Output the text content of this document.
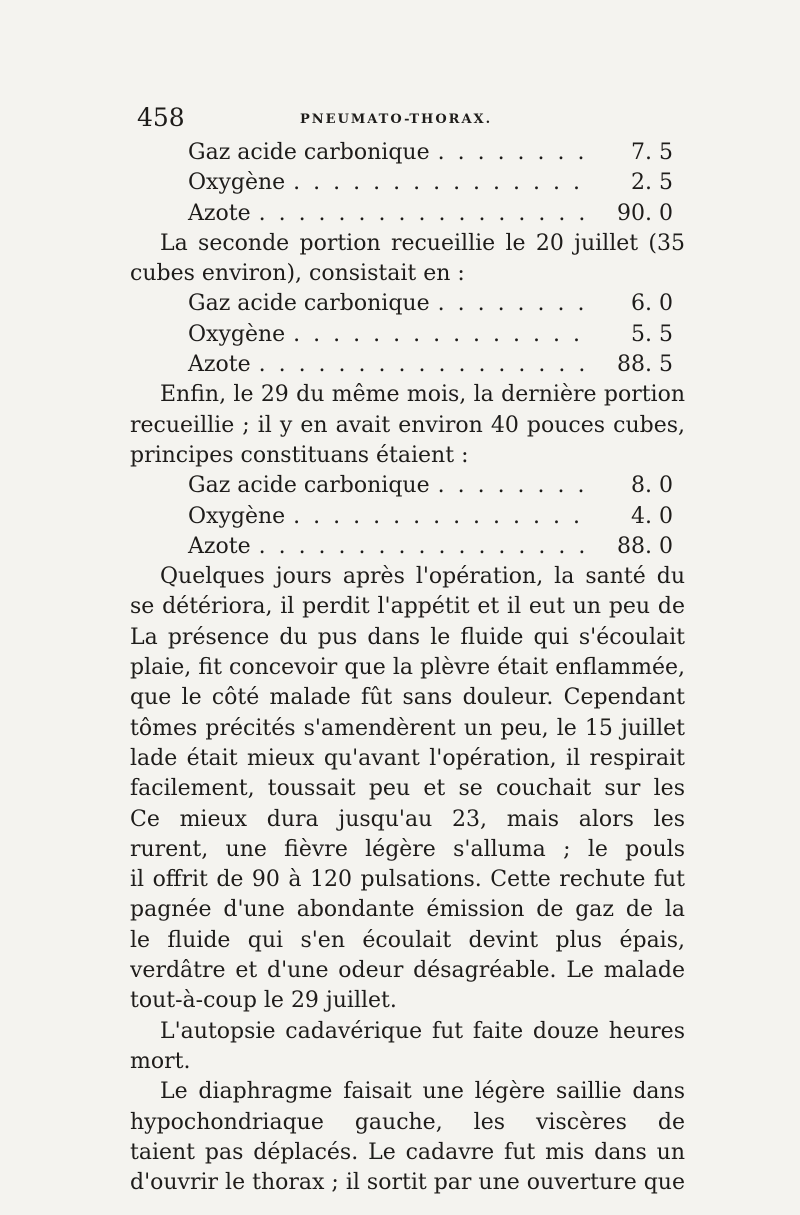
458	PNEUMATO-THORAX.
Gaz acide carbonique . . .	7. 5
Oxygène . . .	2. 5
Azote . . .	90. 0
La seconde portion recueillie le 20 juillet (35
cubes environ), consistait en :
Gaz acide carbonique . . .	6. 0
Oxygène . . .	5. 5
Azote . . .	88. 5
Enfin, le 29 du même mois, la dernière portion
recueillie ; il y en avait environ 40 pouces cubes,
principes constituans étaient :
Gaz acide carbonique . . .	8. 0
Oxygène . . .	4. 0
Azote . . .	88. 0
Quelques jours après l'opération, la santé du
se détériora, il perdit l'appétit et il eut un peu de
La présence du pus dans le fluide qui s'écoulait
plaie, fit concevoir que la plèvre était enflammée,
que le côté malade fût sans douleur. Cependant
tômes précités s'amendèrent un peu, le 15 juillet
lade était mieux qu'avant l'opération, il respirait
facilement, toussait peu et se couchait sur les
Ce mieux dura jusqu'au 23, mais alors les
rurent, une fièvre légère s'alluma ; le pouls
il offrit de 90 à 120 pulsations. Cette rechute fut
pagnée d'une abondante émission de gaz de la
le fluide qui s'en écoulait devint plus épais,
verdâtre et d'une odeur désagréable. Le malade
tout-à-coup le 29 juillet.
L'autopsie cadavérique fut faite douze heures
mort.
Le diaphragme faisait une légère saillie dans
hypochondriaque gauche, les viscères de
taient pas déplacés. Le cadavre fut mis dans un
d'ouvrir le thorax ; il sortit par une ouverture que
